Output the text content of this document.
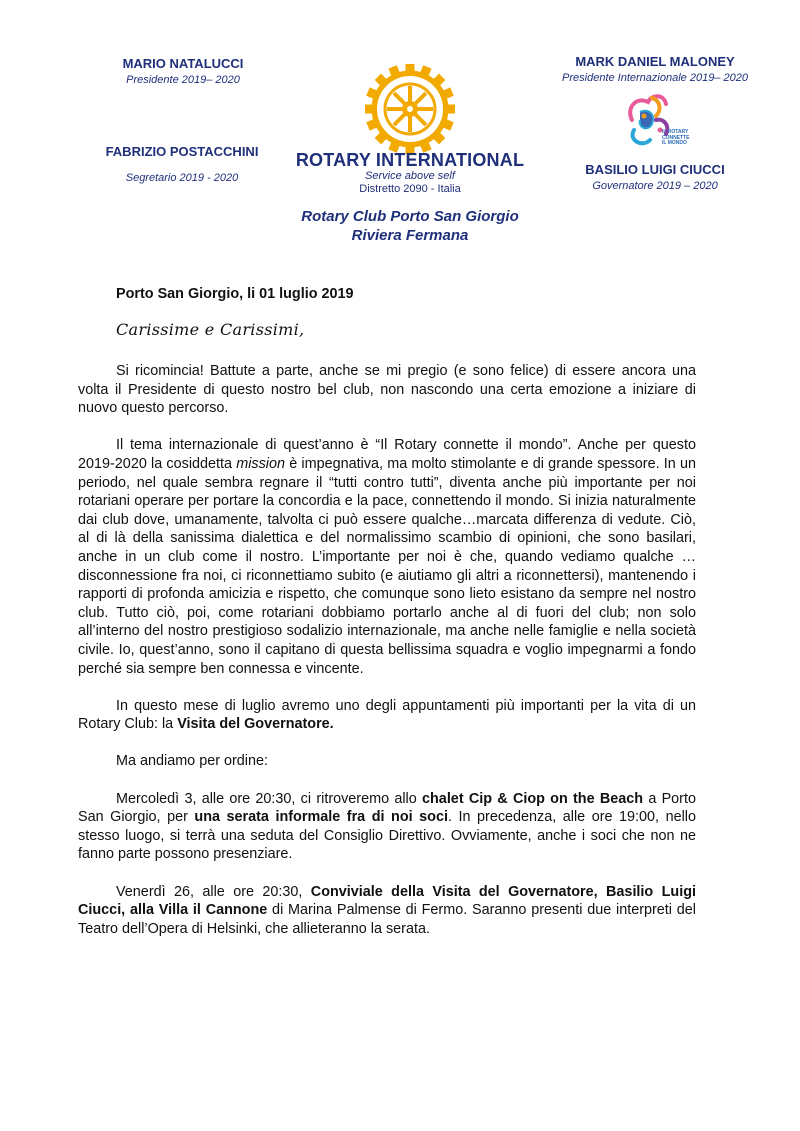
MARIO NATALUCCI
Presidente 2019– 2020
FABRIZIO POSTACCHINI
Segretario 2019 - 2020
ROTARY INTERNATIONAL
Service above self
Distretto 2090 - Italia
Rotary Club Porto San Giorgio
Riviera Fermana
MARK DANIEL MALONEY
Presidente Internazionale 2019– 2020
IL ROTARY
CONNETTE
IL MONDO
BASILIO LUIGI CIUCCI
Governatore 2019 – 2020
Porto San Giorgio, li 01 luglio 2019
Carissime e Carissimi,

Si ricomincia! Battute a parte, anche se mi pregio (e sono felice) di essere ancora una volta il Presidente di questo nostro bel club, non nascondo una certa emozione a iniziare di nuovo questo percorso.

Il tema internazionale di quest’anno è “Il Rotary connette il mondo”. Anche per questo 2019-2020 la cosiddetta mission è impegnativa, ma molto stimolante e di grande spessore. In un periodo, nel quale sembra regnare il “tutti contro tutti”, diventa anche più importante per noi rotariani operare per portare la concordia e la pace, connettendo il mondo. Si inizia naturalmente dai club dove, umanamente, talvolta ci può essere qualche…marcata differenza di vedute. Ciò, al di là della sanissima dialettica e del normalissimo scambio di opinioni, che sono basilari, anche in un club come il nostro. L’importante per noi è che, quando vediamo qualche …disconnessione fra noi, ci riconnettiamo subito (e aiutiamo gli altri a riconnettersi), mantenendo i rapporti di profonda amicizia e rispetto, che comunque sono lieto esistano da sempre nel nostro club. Tutto ciò, poi, come rotariani dobbiamo portarlo anche al di fuori del club; non solo all’interno del nostro prestigioso sodalizio internazionale, ma anche nelle famiglie e nella società civile. Io, quest’anno, sono il capitano di questa bellissima squadra e voglio impegnarmi a fondo perché sia sempre ben connessa e vincente.

In questo mese di luglio avremo uno degli appuntamenti più importanti per la vita di un Rotary Club: la Visita del Governatore.

Ma andiamo per ordine:

Mercoledì 3, alle ore 20:30, ci ritroveremo allo chalet Cip & Ciop on the Beach a Porto San Giorgio, per una serata informale fra di noi soci. In precedenza, alle ore 19:00, nello stesso luogo, si terrà una seduta del Consiglio Direttivo. Ovviamente, anche i soci che non ne fanno parte possono presenziare.

Venerdì 26, alle ore 20:30, Conviviale della Visita del Governatore, Basilio Luigi Ciucci, alla Villa il Cannone di Marina Palmense di Fermo. Saranno presenti due interpreti del Teatro dell’Opera di Helsinki, che allieteranno la serata.
